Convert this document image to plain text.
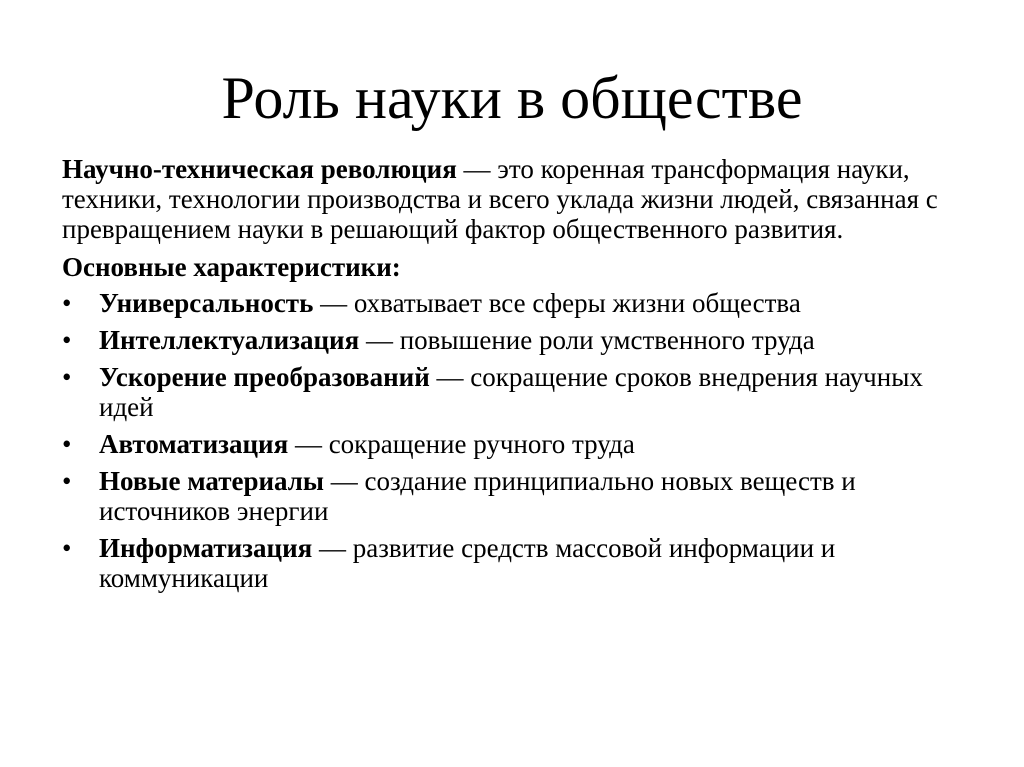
Роль науки в обществе

Научно-техническая революция — это коренная трансформация науки, техники, технологии производства и всего уклада жизни людей, связанная с превращением науки в решающий фактор общественного развития.

Основные характеристики:

•	Универсальность — охватывает все сферы жизни общества
•	Интеллектуализация — повышение роли умственного труда
•	Ускорение преобразований — сокращение сроков внедрения научных идей
•	Автоматизация — сокращение ручного труда
•	Новые материалы — создание принципиально новых веществ и источников энергии
•	Информатизация — развитие средств массовой информации и коммуникации
